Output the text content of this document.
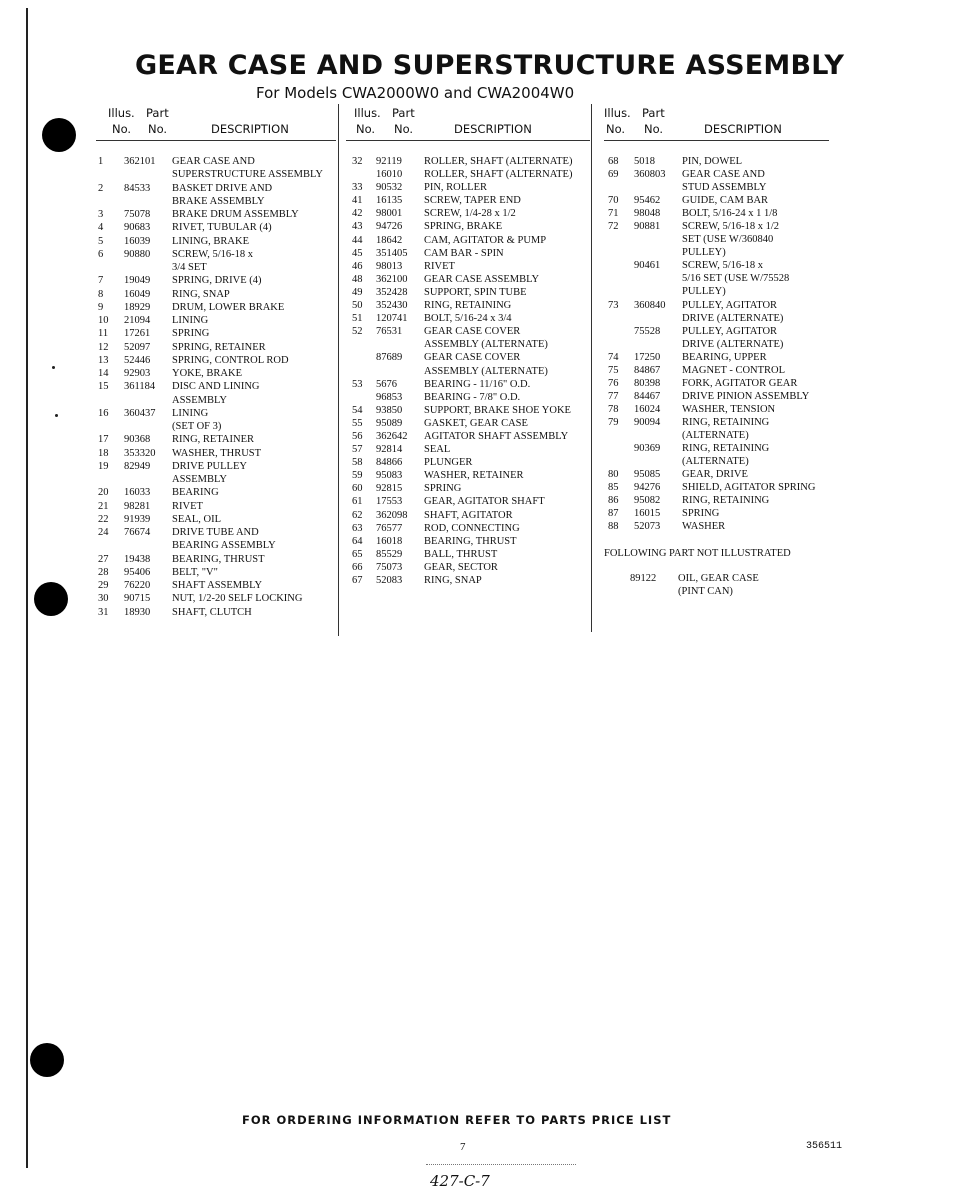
GEAR CASE AND SUPERSTRUCTURE ASSEMBLY
For Models CWA2000W0 and CWA2004W0
Illus. Part
No. No.	DESCRIPTION
1 362101 GEAR CASE AND
SUPERSTRUCTURE ASSEMBLY
2 84533 BASKET DRIVE AND
BRAKE ASSEMBLY
3 75078 BRAKE DRUM ASSEMBLY
4 90683 RIVET, TUBULAR (4)
5 16039 LINING, BRAKE
6 90880 SCREW, 5/16-18 x
3/4 SET
7 19049 SPRING, DRIVE (4)
8 16049 RING, SNAP
9 18929 DRUM, LOWER BRAKE
10 21094 LINING
11 17261 SPRING
12 52097 SPRING, RETAINER
13 52446 SPRING, CONTROL ROD
14 92903 YOKE, BRAKE
15 361184 DISC AND LINING
ASSEMBLY
16 360437 LINING
(SET OF 3)
17 90368 RING, RETAINER
18 353320 WASHER, THRUST
19 82949 DRIVE PULLEY
ASSEMBLY
20 16033 BEARING
21 98281 RIVET
22 91939 SEAL, OIL
24 76674 DRIVE TUBE AND
BEARING ASSEMBLY
27 19438 BEARING, THRUST
28 95406 BELT, "V"
29 76220 SHAFT ASSEMBLY
30 90715 NUT, 1/2-20 SELF LOCKING
31 18930 SHAFT, CLUTCH
Illus. Part
No. No.	DESCRIPTION
32 92119 ROLLER, SHAFT (ALTERNATE)
16010 ROLLER, SHAFT (ALTERNATE)
33 90532 PIN, ROLLER
41 16135 SCREW, TAPER END
42 98001 SCREW, 1/4-28 x 1/2
43 94726 SPRING, BRAKE
44 18642 CAM, AGITATOR & PUMP
45 351405 CAM BAR - SPIN
46 98013 RIVET
48 362100 GEAR CASE ASSEMBLY
49 352428 SUPPORT, SPIN TUBE
50 352430 RING, RETAINING
51 120741 BOLT, 5/16-24 x 3/4
52 76531 GEAR CASE COVER
ASSEMBLY (ALTERNATE)
87689 GEAR CASE COVER
ASSEMBLY (ALTERNATE)
53 5676	BEARING - 11/16" O.D.
96853 BEARING - 7/8" O.D.
54 93850 SUPPORT, BRAKE SHOE YOKE
55 95089 GASKET, GEAR CASE
56 362642 AGITATOR SHAFT ASSEMBLY
57 92814 SEAL
58 84866 PLUNGER
59 95083 WASHER, RETAINER
60 92815 SPRING
61 17553 GEAR, AGITATOR SHAFT
62 362098 SHAFT, AGITATOR
63 76577 ROD, CONNECTING
64 16018 BEARING, THRUST
65 85529 BALL, THRUST
66 75073 GEAR, SECTOR
67 52083 RING, SNAP
Illus. Part
No. No.	DESCRIPTION
68 5018	PIN, DOWEL
69 360803 GEAR CASE AND
STUD ASSEMBLY
70 95462 GUIDE, CAM BAR
71 98048 BOLT, 5/16-24 x 1 1/8
72 90881 SCREW, 5/16-18 x 1/2
SET (USE W/360840
PULLEY)
90461 SCREW, 5/16-18 x
5/16 SET (USE W/75528
PULLEY)
73 360840 PULLEY, AGITATOR
DRIVE (ALTERNATE)
75528 PULLEY, AGITATOR
DRIVE (ALTERNATE)
74 17250 BEARING, UPPER
75 84867 MAGNET - CONTROL
76 80398 FORK, AGITATOR GEAR
77 84467 DRIVE PINION ASSEMBLY
78 16024 WASHER, TENSION
79 90094 RING, RETAINING
(ALTERNATE)
90369 RING, RETAINING
(ALTERNATE)
80 95085 GEAR, DRIVE
85 94276 SHIELD, AGITATOR SPRING
86 95082 RING, RETAINING
87 16015 SPRING
88 52073 WASHER
FOLLOWING PART NOT ILLUSTRATED
89122 OIL, GEAR CASE
(PINT CAN)
FOR ORDERING INFORMATION REFER TO PARTS PRICE LIST
7	356511
427-C-7
